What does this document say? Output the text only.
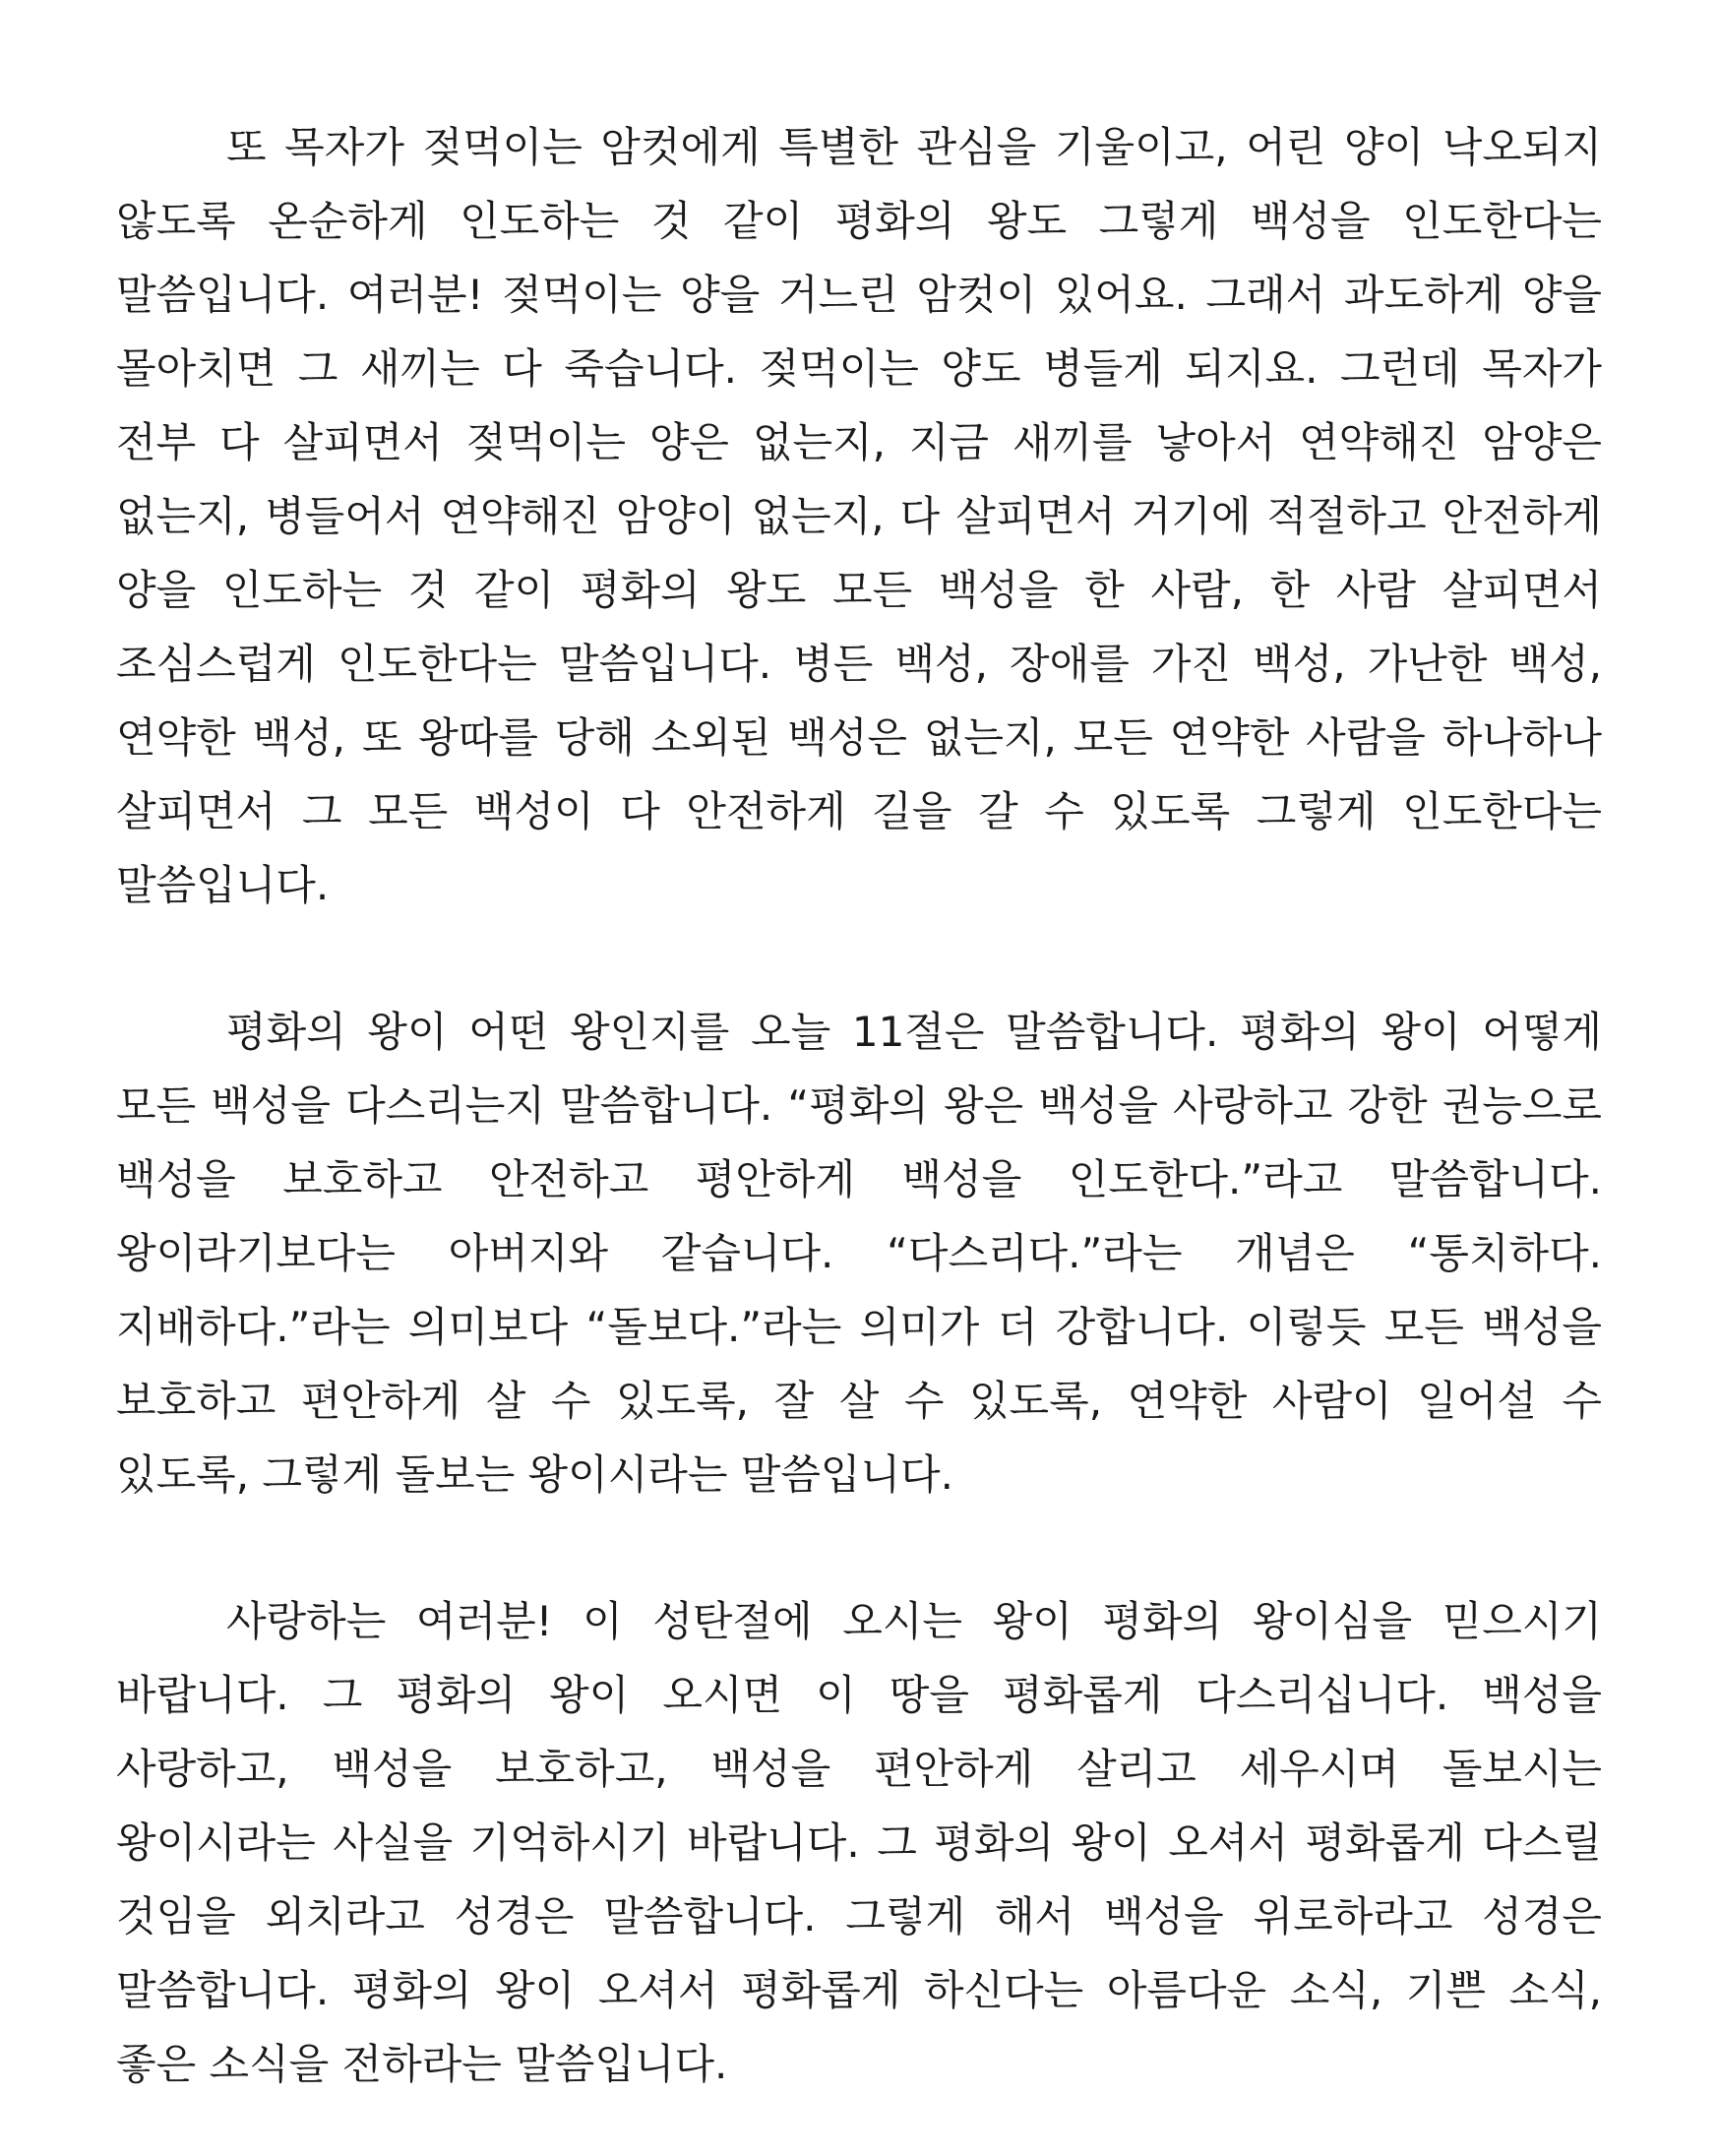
또 목자가 젖먹이는 암컷에게 특별한 관심을 기울이고, 어린 양이 낙오되지 않도록 온순하게 인도하는 것 같이 평화의 왕도 그렇게 백성을 인도한다는 말씀입니다. 여러분! 젖먹이는 양을 거느린 암컷이 있어요. 그래서 과도하게 양을 몰아치면 그 새끼는 다 죽습니다. 젖먹이는 양도 병들게 되지요. 그런데 목자가 전부 다 살피면서 젖먹이는 양은 없는지, 지금 새끼를 낳아서 연약해진 암양은 없는지, 병들어서 연약해진 암양이 없는지, 다 살피면서 거기에 적절하고 안전하게 양을 인도하는 것 같이 평화의 왕도 모든 백성을 한 사람, 한 사람 살피면서 조심스럽게 인도한다는 말씀입니다. 병든 백성, 장애를 가진 백성, 가난한 백성, 연약한 백성, 또 왕따를 당해 소외된 백성은 없는지, 모든 연약한 사람을 하나하나 살피면서 그 모든 백성이 다 안전하게 길을 갈 수 있도록 그렇게 인도한다는 말씀입니다.

평화의 왕이 어떤 왕인지를 오늘 11절은 말씀합니다. 평화의 왕이 어떻게 모든 백성을 다스리는지 말씀합니다. “평화의 왕은 백성을 사랑하고 강한 권능으로 백성을 보호하고 안전하고 평안하게 백성을 인도한다.”라고 말씀합니다. 왕이라기보다는 아버지와 같습니다. “다스리다.”라는 개념은 “통치하다. 지배하다.”라는 의미보다 “돌보다.”라는 의미가 더 강합니다. 이렇듯 모든 백성을 보호하고 편안하게 살 수 있도록, 잘 살 수 있도록, 연약한 사람이 일어설 수 있도록, 그렇게 돌보는 왕이시라는 말씀입니다.

사랑하는 여러분! 이 성탄절에 오시는 왕이 평화의 왕이심을 믿으시기 바랍니다. 그 평화의 왕이 오시면 이 땅을 평화롭게 다스리십니다. 백성을 사랑하고, 백성을 보호하고, 백성을 편안하게 살리고 세우시며 돌보시는 왕이시라는 사실을 기억하시기 바랍니다. 그 평화의 왕이 오셔서 평화롭게 다스릴 것임을 외치라고 성경은 말씀합니다. 그렇게 해서 백성을 위로하라고 성경은 말씀합니다. 평화의 왕이 오셔서 평화롭게 하신다는 아름다운 소식, 기쁜 소식, 좋은 소식을 전하라는 말씀입니다.
